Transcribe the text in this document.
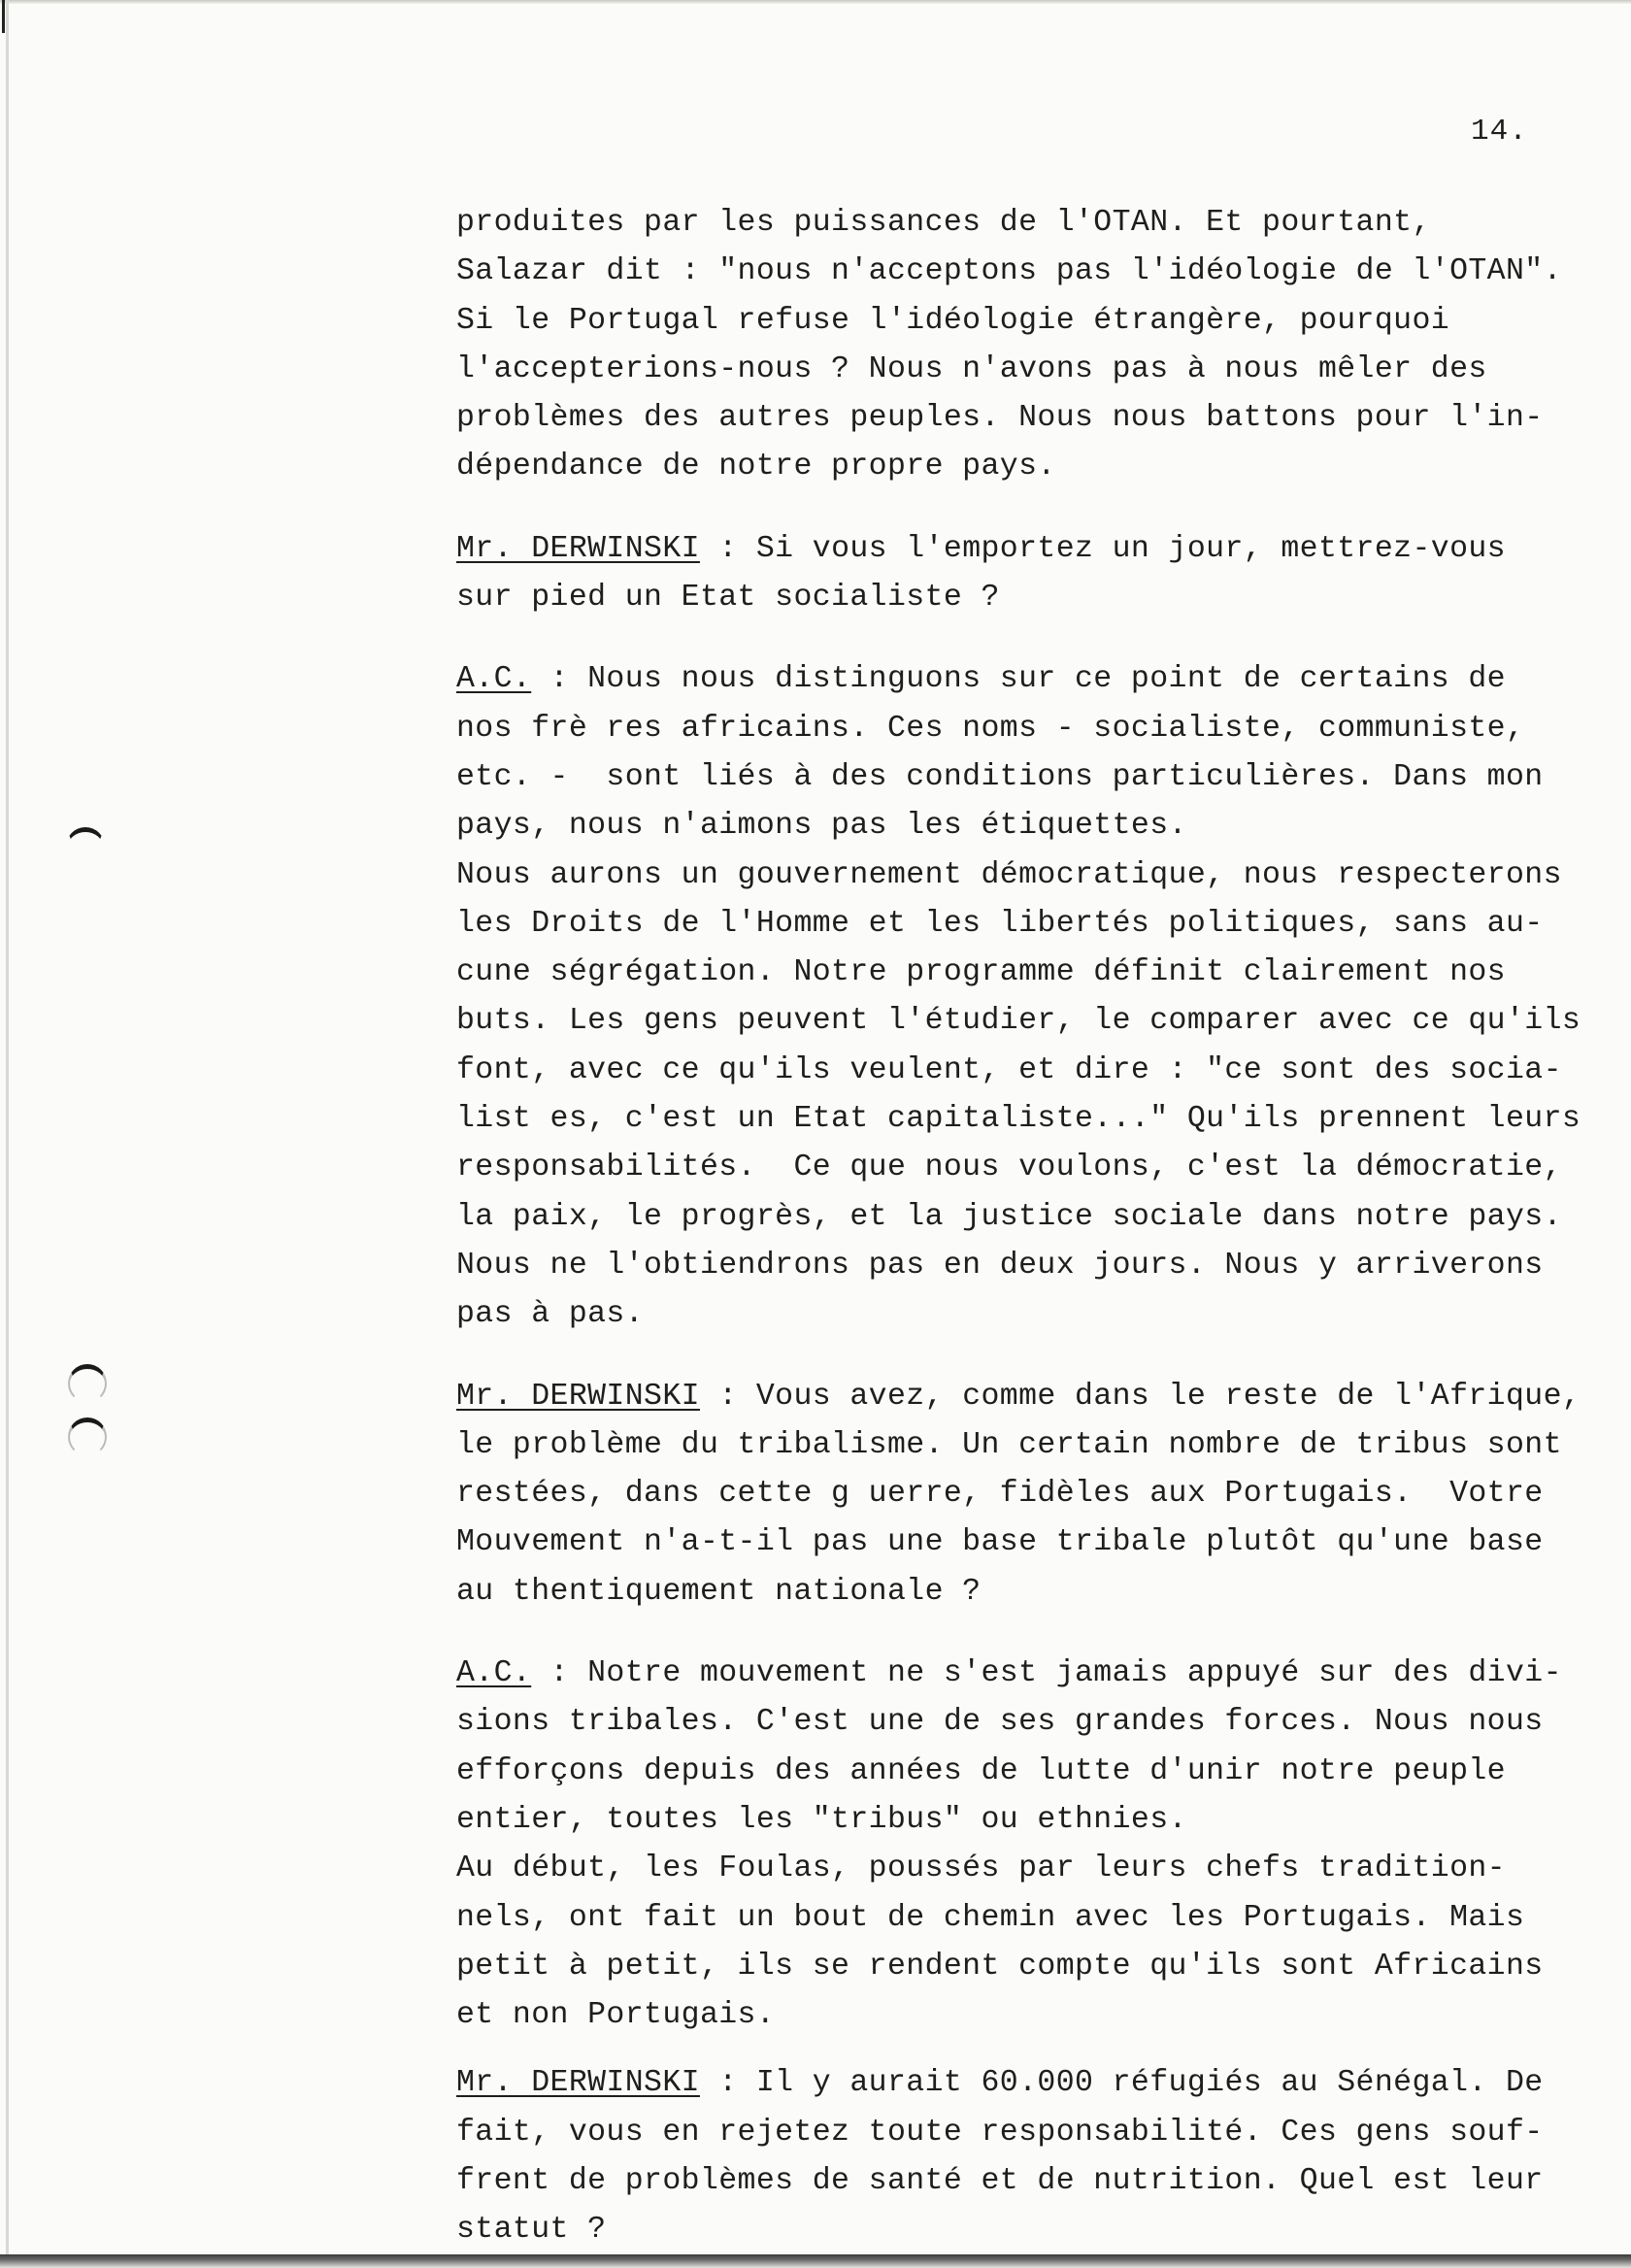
14.

produites par les puissances de l'OTAN. Et pourtant,

Salazar dit : "nous n'acceptons pas l'idéologie de l'OTAN".

Si le Portugal refuse l'idéologie étrangère, pourquoi

l'accepterions-nous ? Nous n'avons pas à nous mêler des

problèmes des autres peuples. Nous nous battons pour l'in-

dépendance de notre propre pays.

Mr. DERWINSKI : Si vous l'emportez un jour, mettrez-vous

sur pied un Etat socialiste ?

A.C. : Nous nous distinguons sur ce point de certains de

nos frè res africains. Ces noms - socialiste, communiste,

etc. -  sont liés à des conditions particulières. Dans mon

pays, nous n'aimons pas les étiquettes.

Nous aurons un gouvernement démocratique, nous respecterons

les Droits de l'Homme et les libertés politiques, sans au-

cune ségrégation. Notre programme définit clairement nos

buts. Les gens peuvent l'étudier, le comparer avec ce qu'ils

font, avec ce qu'ils veulent, et dire : "ce sont des socia-

list es, c'est un Etat capitaliste..." Qu'ils prennent leurs

responsabilités.  Ce que nous voulons, c'est la démocratie,

la paix, le progrès, et la justice sociale dans notre pays.

Nous ne l'obtiendrons pas en deux jours. Nous y arriverons

pas à pas.

Mr. DERWINSKI : Vous avez, comme dans le reste de l'Afrique,

le problème du tribalisme. Un certain nombre de tribus sont

restées, dans cette g uerre, fidèles aux Portugais.  Votre

Mouvement n'a-t-il pas une base tribale plutôt qu'une base

au thentiquement nationale ?

A.C. : Notre mouvement ne s'est jamais appuyé sur des divi-

sions tribales. C'est une de ses grandes forces. Nous nous

efforçons depuis des années de lutte d'unir notre peuple

entier, toutes les "tribus" ou ethnies.

Au début, les Foulas, poussés par leurs chefs tradition-

nels, ont fait un bout de chemin avec les Portugais. Mais

petit à petit, ils se rendent compte qu'ils sont Africains

et non Portugais.

Mr. DERWINSKI : Il y aurait 60.000 réfugiés au Sénégal. De

fait, vous en rejetez toute responsabilité. Ces gens souf-

frent de problèmes de santé et de nutrition. Quel est leur

statut ?
